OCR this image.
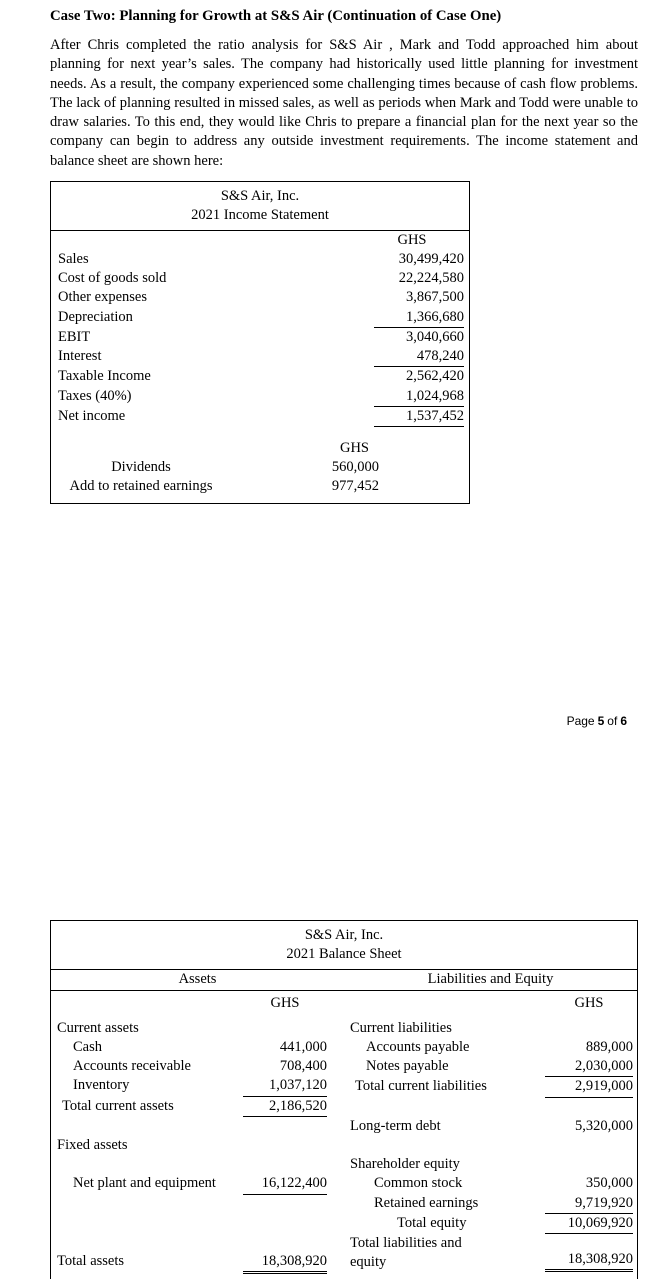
Case Two: Planning for Growth at S&S Air (Continuation of Case One)

After Chris completed the ratio analysis for S&S Air , Mark and Todd approached him about planning for next year’s sales. The company had historically used little planning for investment needs. As a result, the company experienced some challenging times because of cash flow problems. The lack of planning resulted in missed sales, as well as periods when Mark and Todd were unable to draw salaries. To this end, they would like Chris to prepare a financial plan for the next year so the company can begin to address any outside investment requirements. The income statement and balance sheet are shown here:

S&S Air, Inc.
2021 Income Statement
GHS
Sales	30,499,420
Cost of goods sold	22,224,580
Other expenses	3,867,500
Depreciation	1,366,680
EBIT	3,040,660
Interest	478,240
Taxable Income	2,562,420
Taxes (40%)	1,024,968
Net income	1,537,452
GHS
Dividends	560,000
Add to retained earnings	977,452
Page 5 of 6
S&S Air, Inc.
2021 Balance Sheet
Assets	Liabilities and Equity
GHS
Current assets
Cash	441,000
Accounts receivable	708,400
Inventory	1,037,120
Total current assets	2,186,520
Fixed assets
Net plant and equipment	16,122,400
Total assets	18,308,920
GHS
Current liabilities
Accounts payable	889,000
Notes payable	2,030,000
Total current liabilities	2,919,000
Long-term debt	5,320,000
Shareholder equity
Common stock	350,000
Retained earnings	9,719,920
Total equity	10,069,920
Total liabilities and equity	18,308,920
